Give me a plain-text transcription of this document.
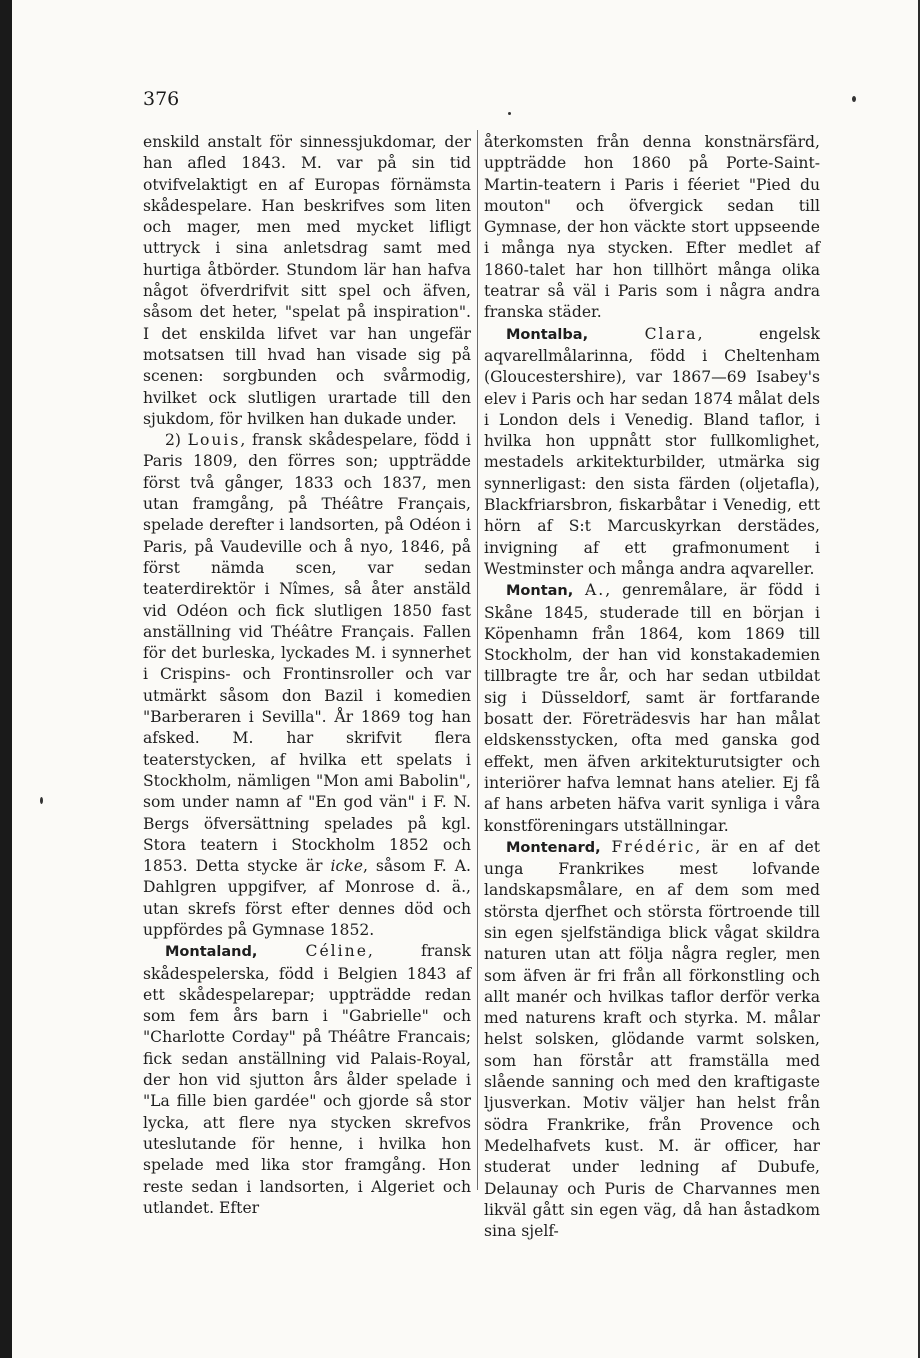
376

enskild anstalt för sinnessjukdomar, der han afled 1843. M. var på sin tid otvifvelaktigt en af Europas förnämsta skådespelare. Han beskrifves som liten och mager, men med mycket lifligt uttryck i sina anletsdrag samt med hurtiga åtbörder. Stundom lär han hafva något öfverdrifvit sitt spel och äfven, såsom det heter, "spelat på inspiration". I det enskilda lifvet var han ungefär motsatsen till hvad han visade sig på scenen: sorgbunden och svårmodig, hvilket ock slutligen urartade till den sjukdom, för hvilken han dukade under.

2) Louis, fransk skådespelare, född i Paris 1809, den förres son; uppträdde först två gånger, 1833 och 1837, men utan framgång, på Théâtre Français, spelade derefter i landsorten, på Odéon i Paris, på Vaudeville och å nyo, 1846, på först nämda scen, var sedan teaterdirektör i Nîmes, så åter anstäld vid Odéon och fick slutligen 1850 fast anställning vid Théâtre Français. Fallen för det burleska, lyckades M. i synnerhet i Crispins- och Frontinsroller och var utmärkt såsom don Bazil i komedien "Barberaren i Sevilla". År 1869 tog han afsked. M. har skrifvit flera teaterstycken, af hvilka ett spelats i Stockholm, nämligen "Mon ami Babolin", som under namn af "En god vän" i F. N. Bergs öfversättning spelades på kgl. Stora teatern i Stockholm 1852 och 1853. Detta stycke är icke, såsom F. A. Dahlgren uppgifver, af Monrose d. ä., utan skrefs först efter dennes död och uppfördes på Gymnase 1852.

Montaland,	Céline, fransk skådespelerska, född i Belgien 1843 af ett skådespelarepar; uppträdde redan som fem års barn i "Gabrielle" och "Charlotte Corday" på Théâtre Francais; fick sedan anställning vid Palais-Royal, der hon vid sjutton års ålder spelade i "La fille bien gardée" och gjorde så stor lycka, att flere nya stycken skrefvos uteslutande för henne, i hvilka hon spelade med lika stor framgång. Hon reste sedan i landsorten, i Algeriet och utlandet. Efter

återkomsten från denna konstnärsfärd, uppträdde hon 1860 på Porte-Saint-Martin-teatern i Paris i féeriet "Pied du mouton" och öfvergick sedan till Gymnase, der hon väckte stort uppseende i många nya stycken. Efter medlet af 1860-talet har hon tillhört många olika teatrar så väl i Paris som i några andra franska städer.

Montalba,	Clara, engelsk aqvarellmålarinna, född i Cheltenham (Gloucestershire), var 1867—69 Isabey's elev i Paris och har sedan 1874 målat dels i London dels i Venedig. Bland taflor, i hvilka hon uppnått stor fullkomlighet, mestadels arkitekturbilder, utmärka sig synnerligast: den sista färden (oljetafla), Blackfriarsbron, fiskarbåtar i Venedig, ett hörn af S:t Marcuskyrkan derstädes, invigning af ett grafmonument i Westminster och många andra aqvareller.

Montan, A., genremålare, är född i Skåne 1845, studerade till en början i Köpenhamn från 1864, kom 1869 till Stockholm, der han vid konstakademien tillbragte tre år, och har sedan utbildat sig i Düsseldorf, samt är fortfarande bosatt der. Företrädesvis har han målat eldskensstycken, ofta med ganska god effekt, men äfven arkitekturutsigter och interiörer hafva lemnat hans atelier. Ej få af hans arbeten häfva varit synliga i våra konstföreningars utställningar.

Montenard, Frédéric, är en af det unga Frankrikes mest lofvande landskapsmålare, en af dem som med största djerfhet och största förtroende till sin egen sjelfständiga blick vågat skildra naturen utan att följa några regler, men som äfven är fri från all förkonstling och allt manér och hvilkas taflor derför verka med naturens kraft och styrka. M. målar helst solsken, glödande varmt solsken, som han förstår att framställa med slående sanning och med den kraftigaste ljusverkan. Motiv väljer han helst från södra Frankrike, från Provence och Medelhafvets kust. M. är officer, har studerat under ledning af Dubufe, Delaunay och Puris de Charvannes men likväl gått sin egen väg, då han åstadkom sina sjelf-
